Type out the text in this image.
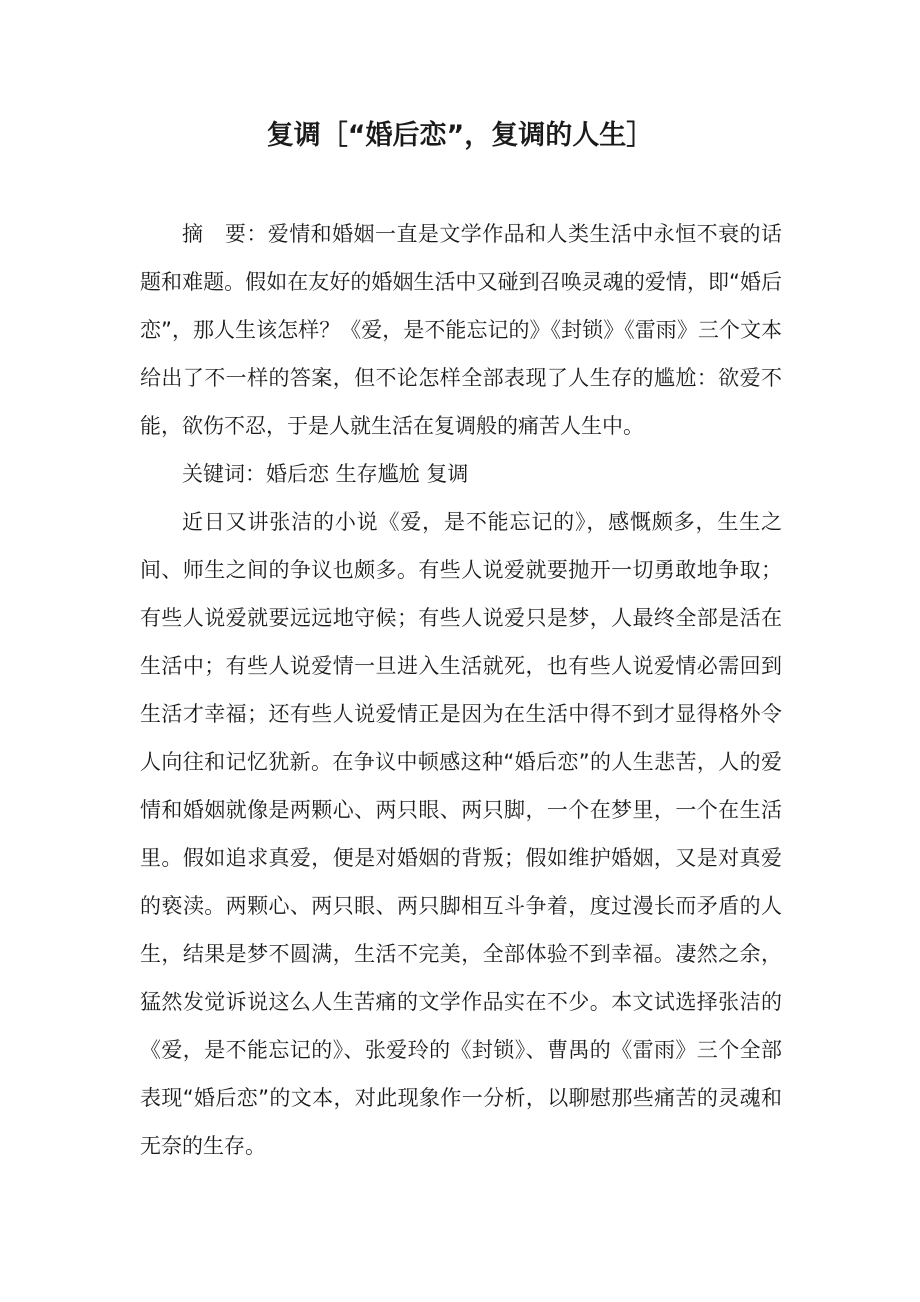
复调［“婚后恋”，复调的人生］

摘　要：爱情和婚姻一直是文学作品和人类生活中永恒不衰的话题和难题。假如在友好的婚姻生活中又碰到召唤灵魂的爱情，即“婚后恋”，那人生该怎样？《爱，是不能忘记的》《封锁》《雷雨》三个文本给出了不一样的答案，但不论怎样全部表现了人生存的尴尬：欲爱不能，欲伤不忍，于是人就生活在复调般的痛苦人生中。

关键词：婚后恋 生存尴尬 复调

近日又讲张洁的小说《爱，是不能忘记的》，感慨颇多，生生之间、师生之间的争议也颇多。有些人说爱就要抛开一切勇敢地争取；有些人说爱就要远远地守候；有些人说爱只是梦，人最终全部是活在生活中；有些人说爱情一旦进入生活就死，也有些人说爱情必需回到生活才幸福；还有些人说爱情正是因为在生活中得不到才显得格外令人向往和记忆犹新。在争议中顿感这种“婚后恋”的人生悲苦，人的爱情和婚姻就像是两颗心、两只眼、两只脚，一个在梦里，一个在生活里。假如追求真爱，便是对婚姻的背叛；假如维护婚姻，又是对真爱的亵渎。两颗心、两只眼、两只脚相互斗争着，度过漫长而矛盾的人生，结果是梦不圆满，生活不完美，全部体验不到幸福。凄然之余，猛然发觉诉说这么人生苦痛的文学作品实在不少。本文试选择张洁的《爱，是不能忘记的》、张爱玲的《封锁》、曹禺的《雷雨》三个全部表现“婚后恋”的文本，对此现象作一分析，以聊慰那些痛苦的灵魂和无奈的生存。
